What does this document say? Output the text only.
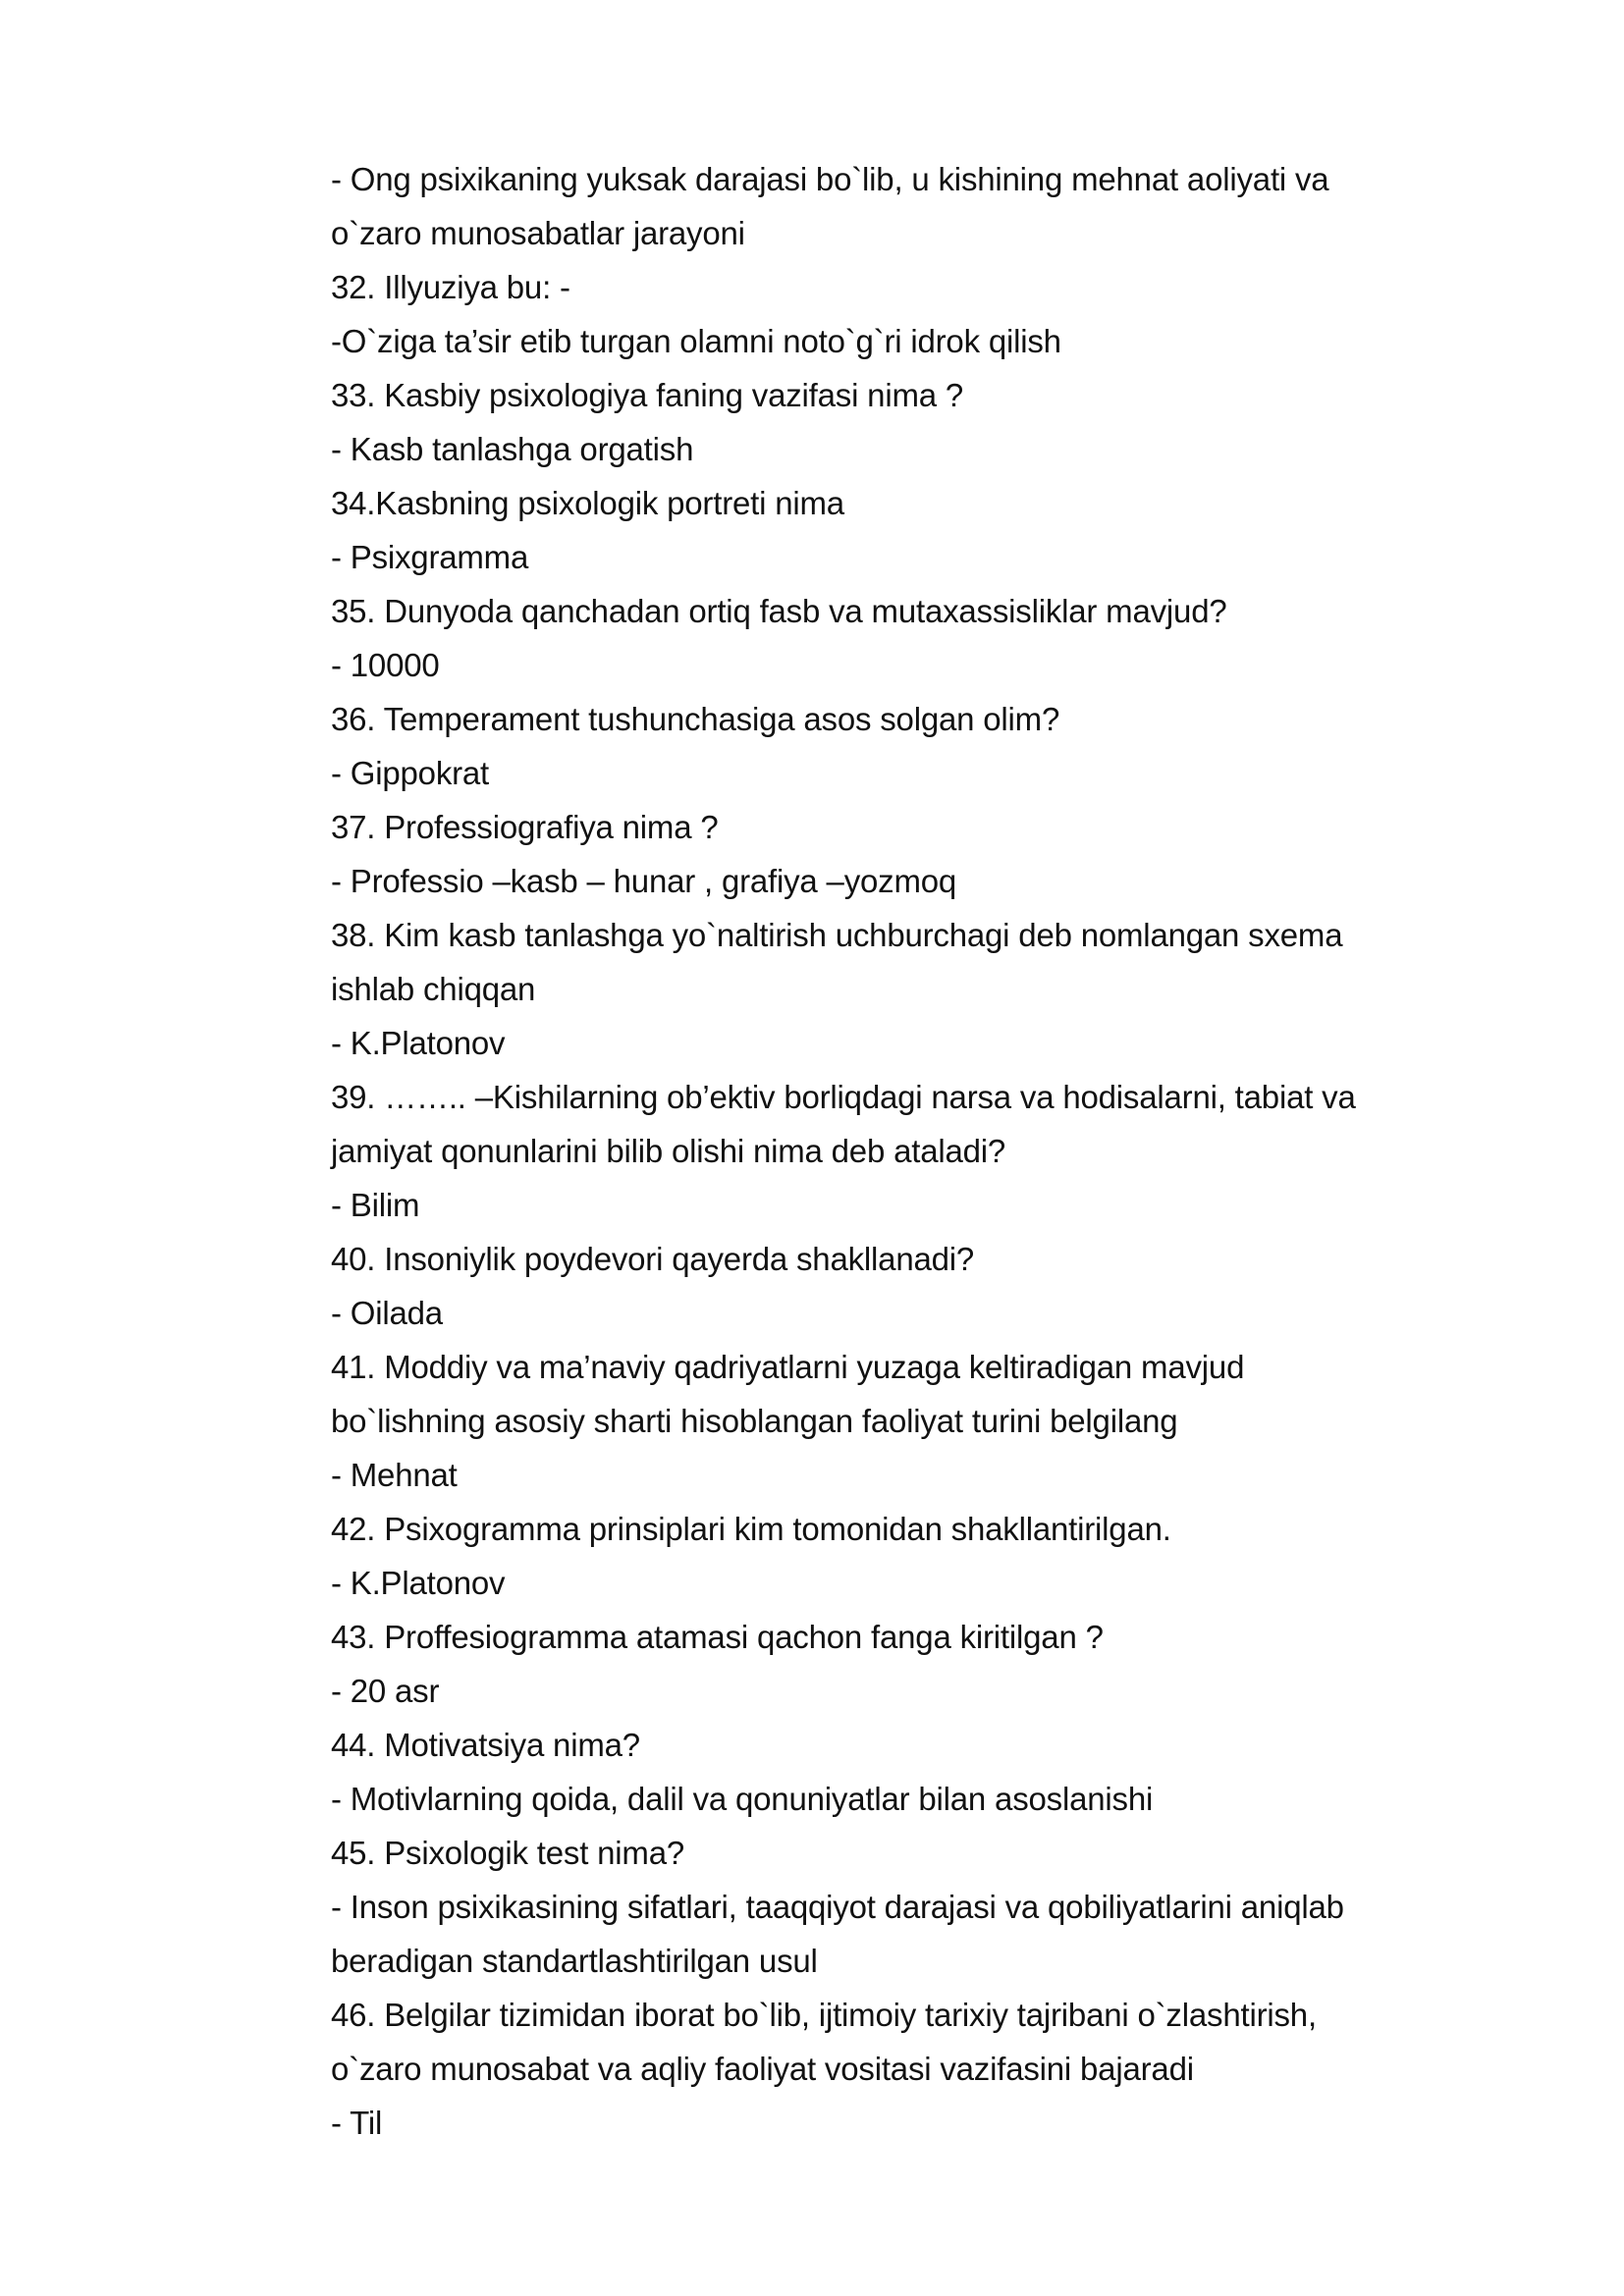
- Ong psixikaning yuksak darajasi bo`lib, u kishining mehnat aoliyati va
o`zaro munosabatlar jarayoni
32. Illyuziya bu: -
-O`ziga ta’sir etib turgan olamni noto`g`ri idrok qilish
33. Kasbiy psixologiya faning vazifasi nima ?
- Kasb tanlashga orgatish
34.Kasbning psixologik portreti nima
- Psixgramma
35. Dunyoda qanchadan ortiq fasb va mutaxassisliklar mavjud?
- 10000
36. Temperament tushunchasiga asos solgan olim?
- Gippokrat
37. Professiografiya nima ?
- Professio –kasb – hunar , grafiya –yozmoq
38. Kim kasb tanlashga yo`naltirish uchburchagi deb nomlangan sxema
ishlab chiqqan
- K.Platonov
39. …….. –Kishilarning ob’ektiv borliqdagi narsa va hodisalarni, tabiat va
jamiyat qonunlarini bilib olishi nima deb ataladi?
- Bilim
40. Insoniylik poydevori qayerda shakllanadi?
- Oilada
41. Moddiy va ma’naviy qadriyatlarni yuzaga keltiradigan mavjud
bo`lishning asosiy sharti hisoblangan faoliyat turini belgilang
- Mehnat
42. Psixogramma prinsiplari kim tomonidan shakllantirilgan.
- K.Platonov
43. Proffesiogramma atamasi qachon fanga kiritilgan ?
- 20 asr
44. Motivatsiya nima?
- Motivlarning qoida, dalil va qonuniyatlar bilan asoslanishi
45. Psixologik test nima?
- Inson psixikasining sifatlari, taaqqiyot darajasi va qobiliyatlarini aniqlab
beradigan standartlashtirilgan usul
46. Belgilar tizimidan iborat bo`lib, ijtimoiy tarixiy tajribani o`zlashtirish,
o`zaro munosabat va aqliy faoliyat vositasi vazifasini bajaradi
- Til
